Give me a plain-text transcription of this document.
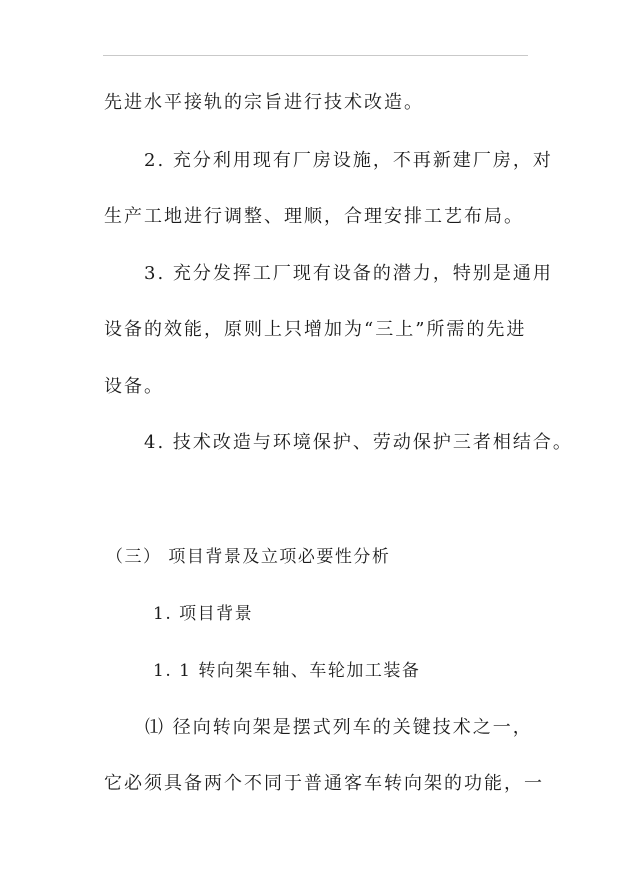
先进水平接轨的宗旨进行技术改造。
2. 充分利用现有厂房设施，不再新建厂房，对
生产工地进行调整、理顺，合理安排工艺布局。
3. 充分发挥工厂现有设备的潜力，特别是通用
设备的效能，原则上只增加为“三上”所需的先进
设备。
4. 技术改造与环境保护、劳动保护三者相结合。
（三） 项目背景及立项必要性分析
1. 项目背景
1. 1 转向架车轴、车轮加工装备
⑴ 径向转向架是摆式列车的关键技术之一，
它必须具备两个不同于普通客车转向架的功能，一
